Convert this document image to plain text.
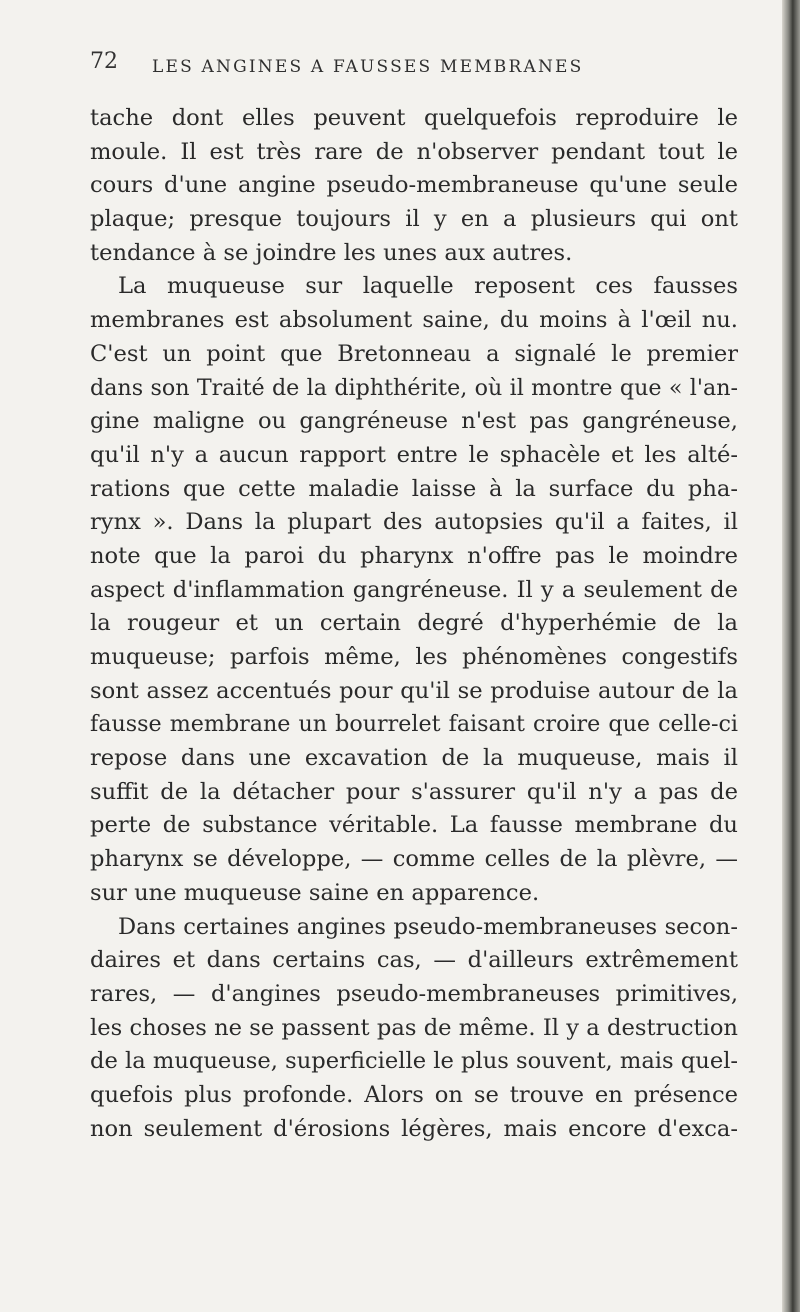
72 LES ANGINES A FAUSSES MEMBRANES
tache dont elles peuvent quelquefois reproduire le
moule. Il est très rare de n'observer pendant tout le
cours d'une angine pseudo-membraneuse qu'une seule
plaque; presque toujours il y en a plusieurs qui ont
tendance à se joindre les unes aux autres.
La muqueuse sur laquelle reposent ces fausses
membranes est absolument saine, du moins à l'œil nu.
C'est un point que Bretonneau a signalé le premier
dans son Traité de la diphthérite, où il montre que « l'an-
gine maligne ou gangréneuse n'est pas gangréneuse,
qu'il n'y a aucun rapport entre le sphacèle et les alté-
rations que cette maladie laisse à la surface du pha-
rynx ». Dans la plupart des autopsies qu'il a faites, il
note que la paroi du pharynx n'offre pas le moindre
aspect d'inflammation gangréneuse. Il y a seulement de
la rougeur et un certain degré d'hyperhémie de la
muqueuse; parfois même, les phénomènes congestifs
sont assez accentués pour qu'il se produise autour de la
fausse membrane un bourrelet faisant croire que celle-ci
repose dans une excavation de la muqueuse, mais il
suffit de la détacher pour s'assurer qu'il n'y a pas de
perte de substance véritable. La fausse membrane du
pharynx se développe, — comme celles de la plèvre, —
sur une muqueuse saine en apparence.
Dans certaines angines pseudo-membraneuses secon-
daires et dans certains cas, — d'ailleurs extrêmement
rares, — d'angines pseudo-membraneuses primitives,
les choses ne se passent pas de même. Il y a destruction
de la muqueuse, superficielle le plus souvent, mais quel-
quefois plus profonde. Alors on se trouve en présence
non seulement d'érosions légères, mais encore d'exca-
